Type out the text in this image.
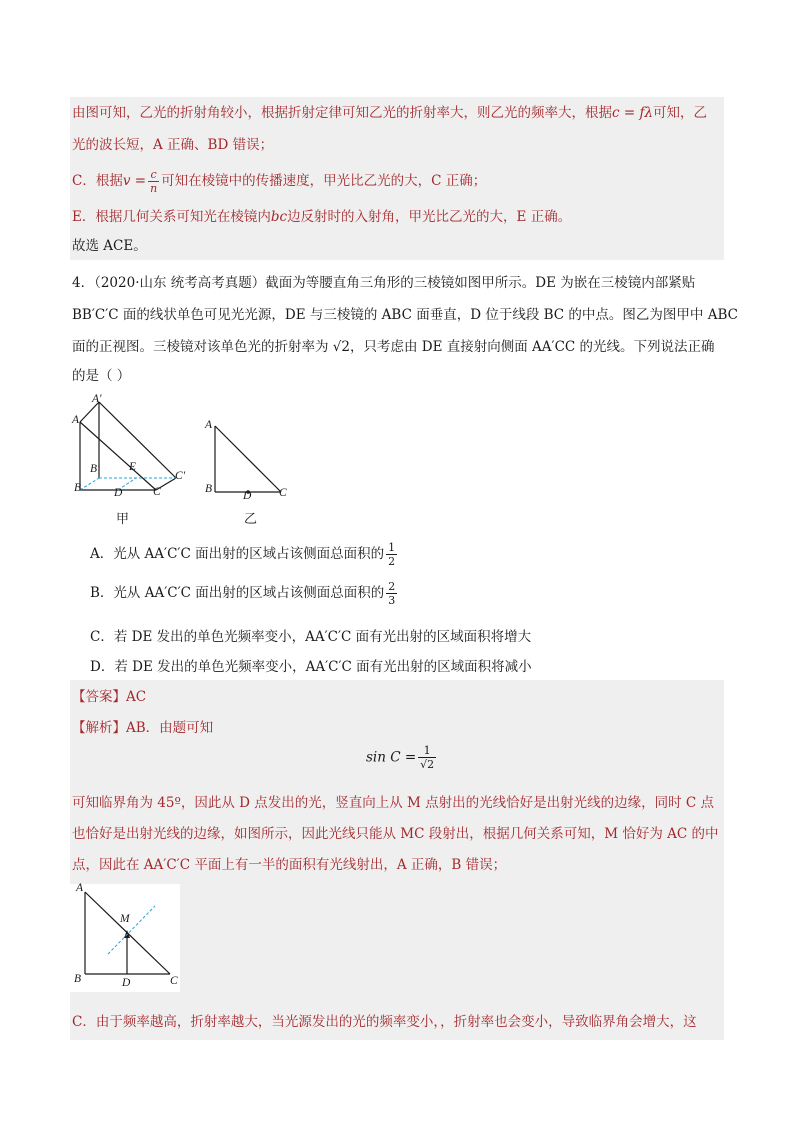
由图可知，乙光的折射角较小，根据折射定律可知乙光的折射率大，则乙光的频率大，根据c = fλ可知，乙
光的波长短，A 正确、BD 错误；
C．根据$v = \frac{c}{n}$ 可知在棱镜中的传播速度，甲光比乙光的大，C 正确；
E．根据几何关系可知光在棱镜内bc边反射时的入射角，甲光比乙光的大，E 正确。
故选 ACE。
4．（2020·山东 统考高考真题）截面为等腰直角三角形的三棱镜如图甲所示。DE 为嵌在三棱镜内部紧贴
BB′C′C 面的线状单色可见光光源，DE 与三棱镜的 ABC 面垂直，D 位于线段 BC 的中点。图乙为图甲中 ABC
面的正视图。三棱镜对该单色光的折射率为 √2，只考虑由 DE 直接射向侧面 AA′CC 的光线。下列说法正确
的是（ ）
A′
A
B′	E
C′
B	D	C
甲
A
B
D C
乙
A．光从 AA′C′C 面出射的区域占该侧面总面积的 $\frac{1}{2}$
B．光从 AA′C′C 面出射的区域占该侧面总面积的 $\frac{2}{3}$
C．若 DE 发出的单色光频率变小，AA′C′C 面有光出射的区域面积将增大
D．若 DE 发出的单色光频率变小，AA′C′C 面有光出射的区域面积将减小
【答案】AC
【解析】AB．由题可知
$\sin C = \frac{1}{√2}$
可知临界角为 45º，因此从 D 点发出的光，竖直向上从 M 点射出的光线恰好是出射光线的边缘，同时 C 点
也恰好是出射光线的边缘，如图所示，因此光线只能从 MC 段射出，根据几何关系可知，M 恰好为 AC 的中
点，因此在 AA′C′C 平面上有一半的面积有光线射出，A 正确，B 错误；
A
M
B	D	C
C．由于频率越高，折射率越大，当光源发出的光的频率变小，，折射率也会变小，导致临界角会增大，这
